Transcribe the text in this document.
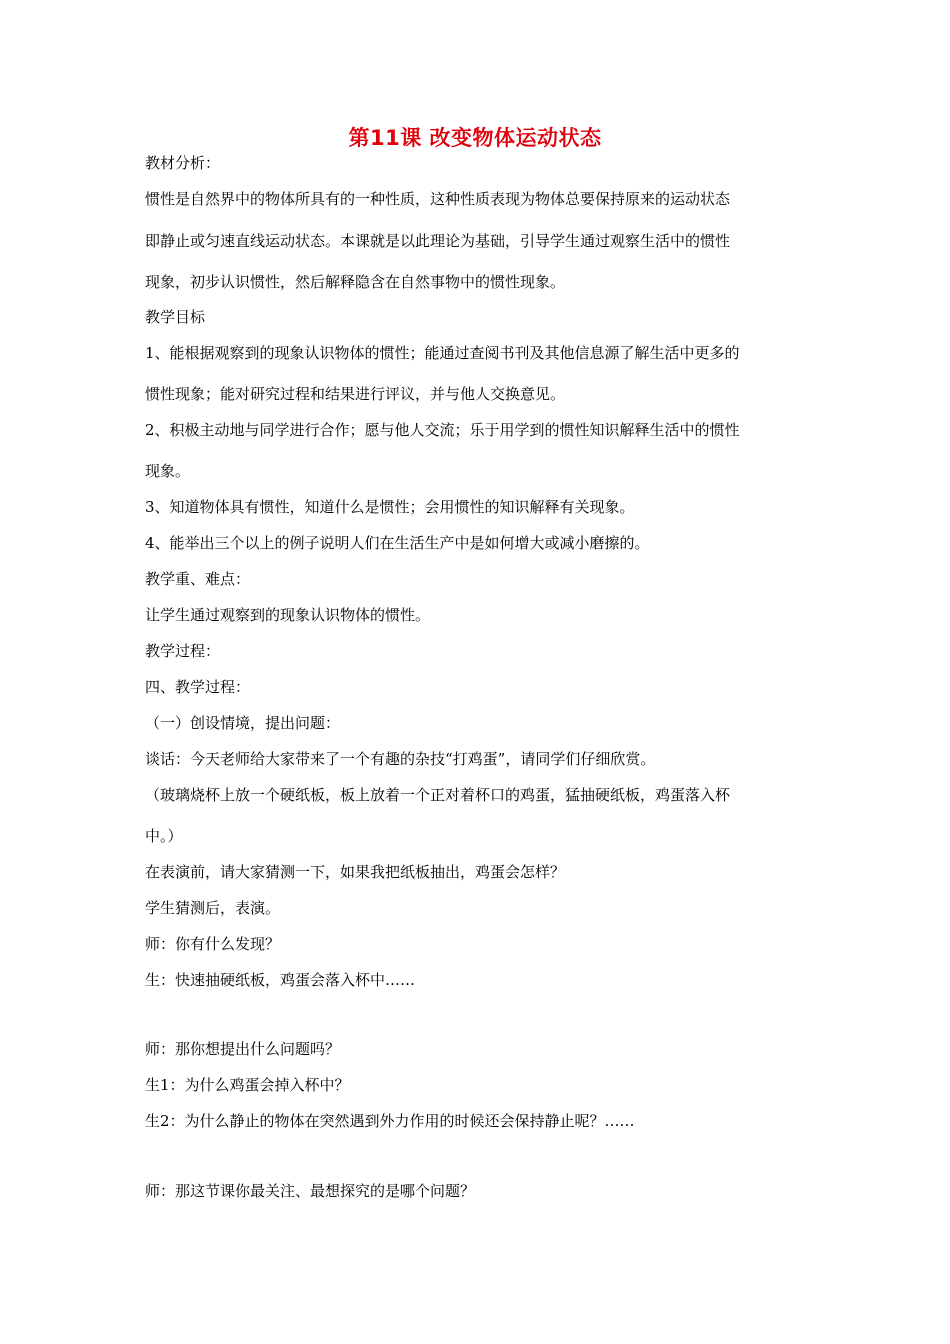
第11课 改变物体运动状态
教材分析：
惯性是自然界中的物体所具有的一种性质，这种性质表现为物体总要保持原来的运动状态
即静止或匀速直线运动状态。本课就是以此理论为基础，引导学生通过观察生活中的惯性
现象，初步认识惯性，然后解释隐含在自然事物中的惯性现象。
教学目标
1、能根据观察到的现象认识物体的惯性；能通过查阅书刊及其他信息源了解生活中更多的
惯性现象；能对研究过程和结果进行评议，并与他人交换意见。
2、积极主动地与同学进行合作；愿与他人交流；乐于用学到的惯性知识解释生活中的惯性
现象。
3、知道物体具有惯性，知道什么是惯性；会用惯性的知识解释有关现象。
4、能举出三个以上的例子说明人们在生活生产中是如何增大或减小磨擦的。
教学重、难点：
让学生通过观察到的现象认识物体的惯性。
教学过程：
四、教学过程：
（一）创设情境，提出问题：
谈话：今天老师给大家带来了一个有趣的杂技“打鸡蛋”，请同学们仔细欣赏。
（玻璃烧杯上放一个硬纸板，板上放着一个正对着杯口的鸡蛋，猛抽硬纸板，鸡蛋落入杯
中。）
在表演前，请大家猜测一下，如果我把纸板抽出，鸡蛋会怎样？
学生猜测后，表演。
师：你有什么发现？
生：快速抽硬纸板，鸡蛋会落入杯中……
师：那你想提出什么问题吗？
生1：为什么鸡蛋会掉入杯中？
生2：为什么静止的物体在突然遇到外力作用的时候还会保持静止呢？……
师：那这节课你最关注、最想探究的是哪个问题？
